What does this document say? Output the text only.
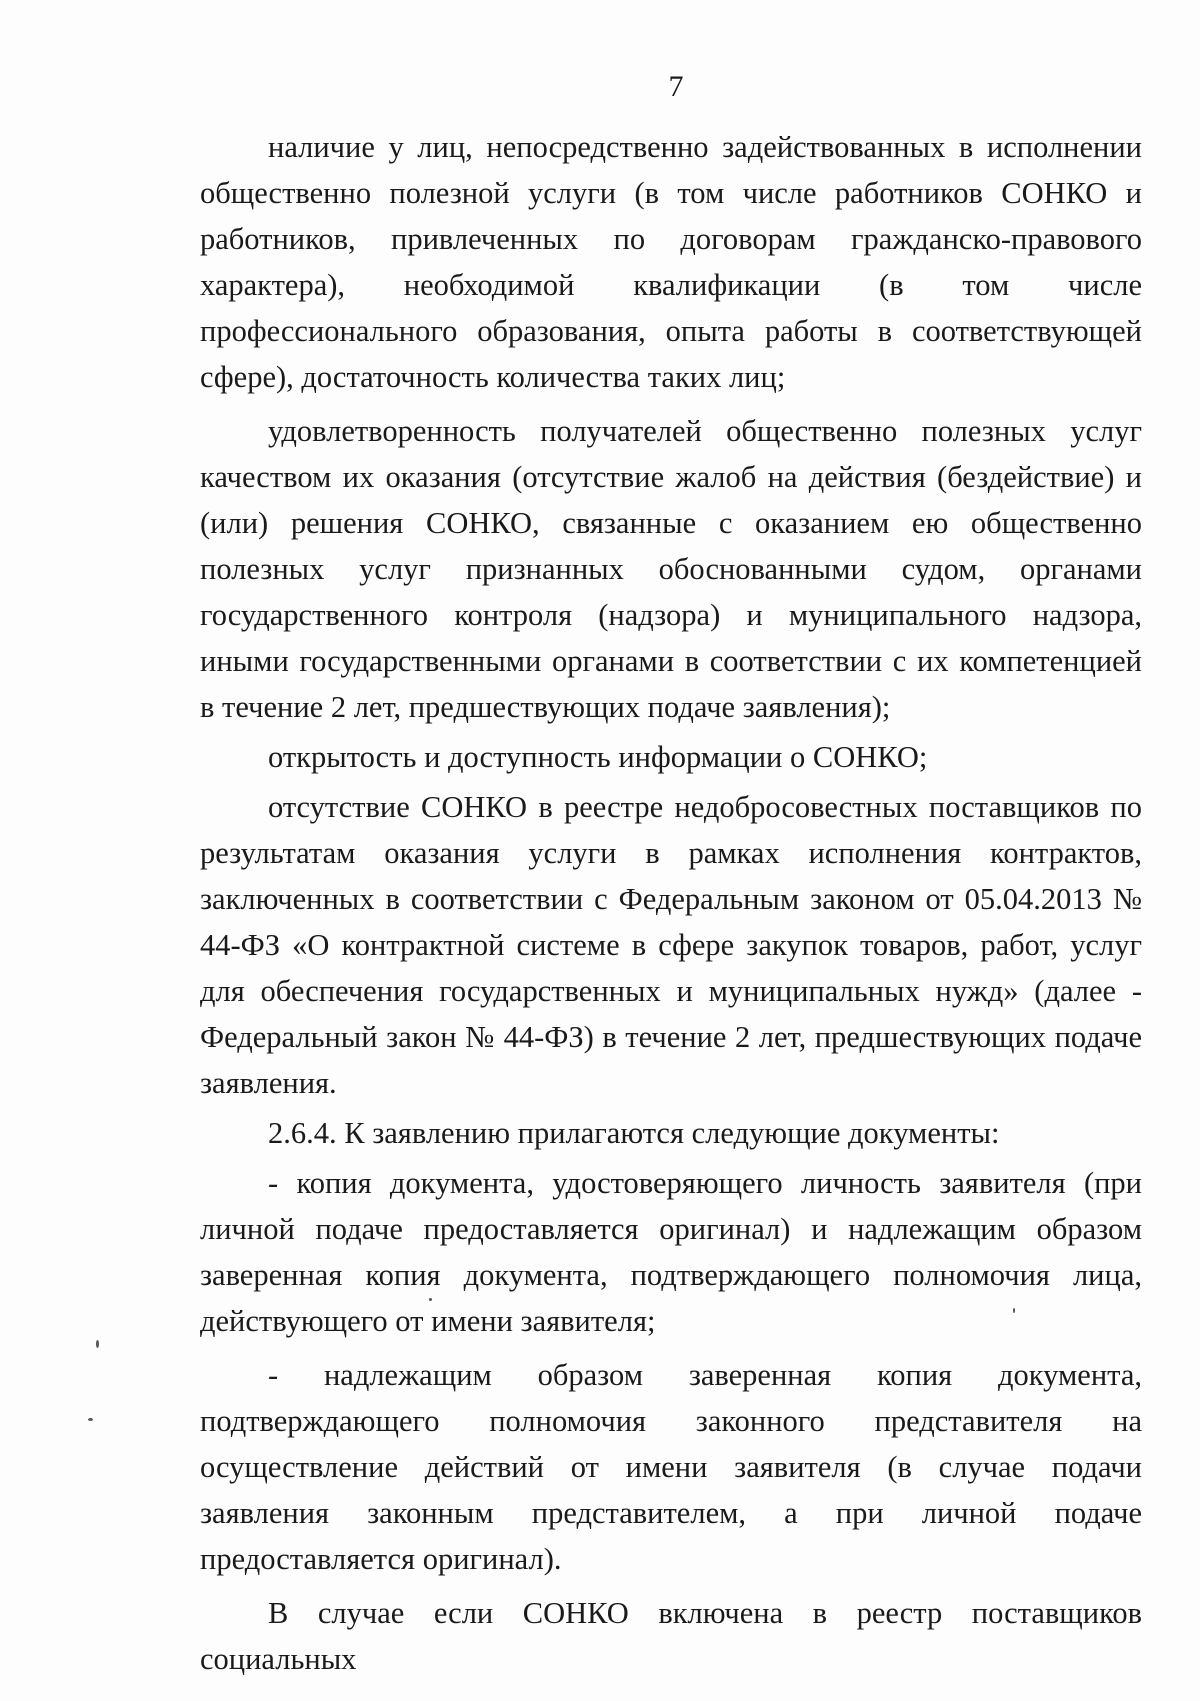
7

наличие у лиц, непосредственно задействованных в исполнении общественно полезной услуги (в том числе работников СОНКО и работников, привлеченных по договорам гражданско-правового характера), необходимой квалификации (в том числе профессионального образования, опыта работы в соответствующей сфере), достаточность количества таких лиц;

удовлетворенность получателей общественно полезных услуг качеством их оказания (отсутствие жалоб на действия (бездействие) и (или) решения СОНКО, связанные с оказанием ею общественно полезных услуг признанных обоснованными судом, органами государственного контроля (надзора) и муниципального надзора, иными государственными органами в соответствии с их компетенцией в течение 2 лет, предшествующих подаче заявления);

открытость и доступность информации о СОНКО;

отсутствие СОНКО в реестре недобросовестных поставщиков по результатам оказания услуги в рамках исполнения контрактов, заключенных в соответствии с Федеральным законом от 05.04.2013 № 44-ФЗ «О контрактной системе в сфере закупок товаров, работ, услуг для обеспечения государственных и муниципальных нужд» (далее - Федеральный закон № 44-ФЗ) в течение 2 лет, предшествующих подаче заявления.

2.6.4. К заявлению прилагаются следующие документы:

- копия документа, удостоверяющего личность заявителя (при личной подаче предоставляется оригинал) и надлежащим образом заверенная копия документа, подтверждающего полномочия лица, действующего от имени заявителя;

- надлежащим образом заверенная копия документа, подтверждающего полномочия законного представителя на осуществление действий от имени заявителя (в случае подачи заявления законным представителем, а при личной подаче предоставляется оригинал).

В случае если СОНКО включена в реестр поставщиков социальных
